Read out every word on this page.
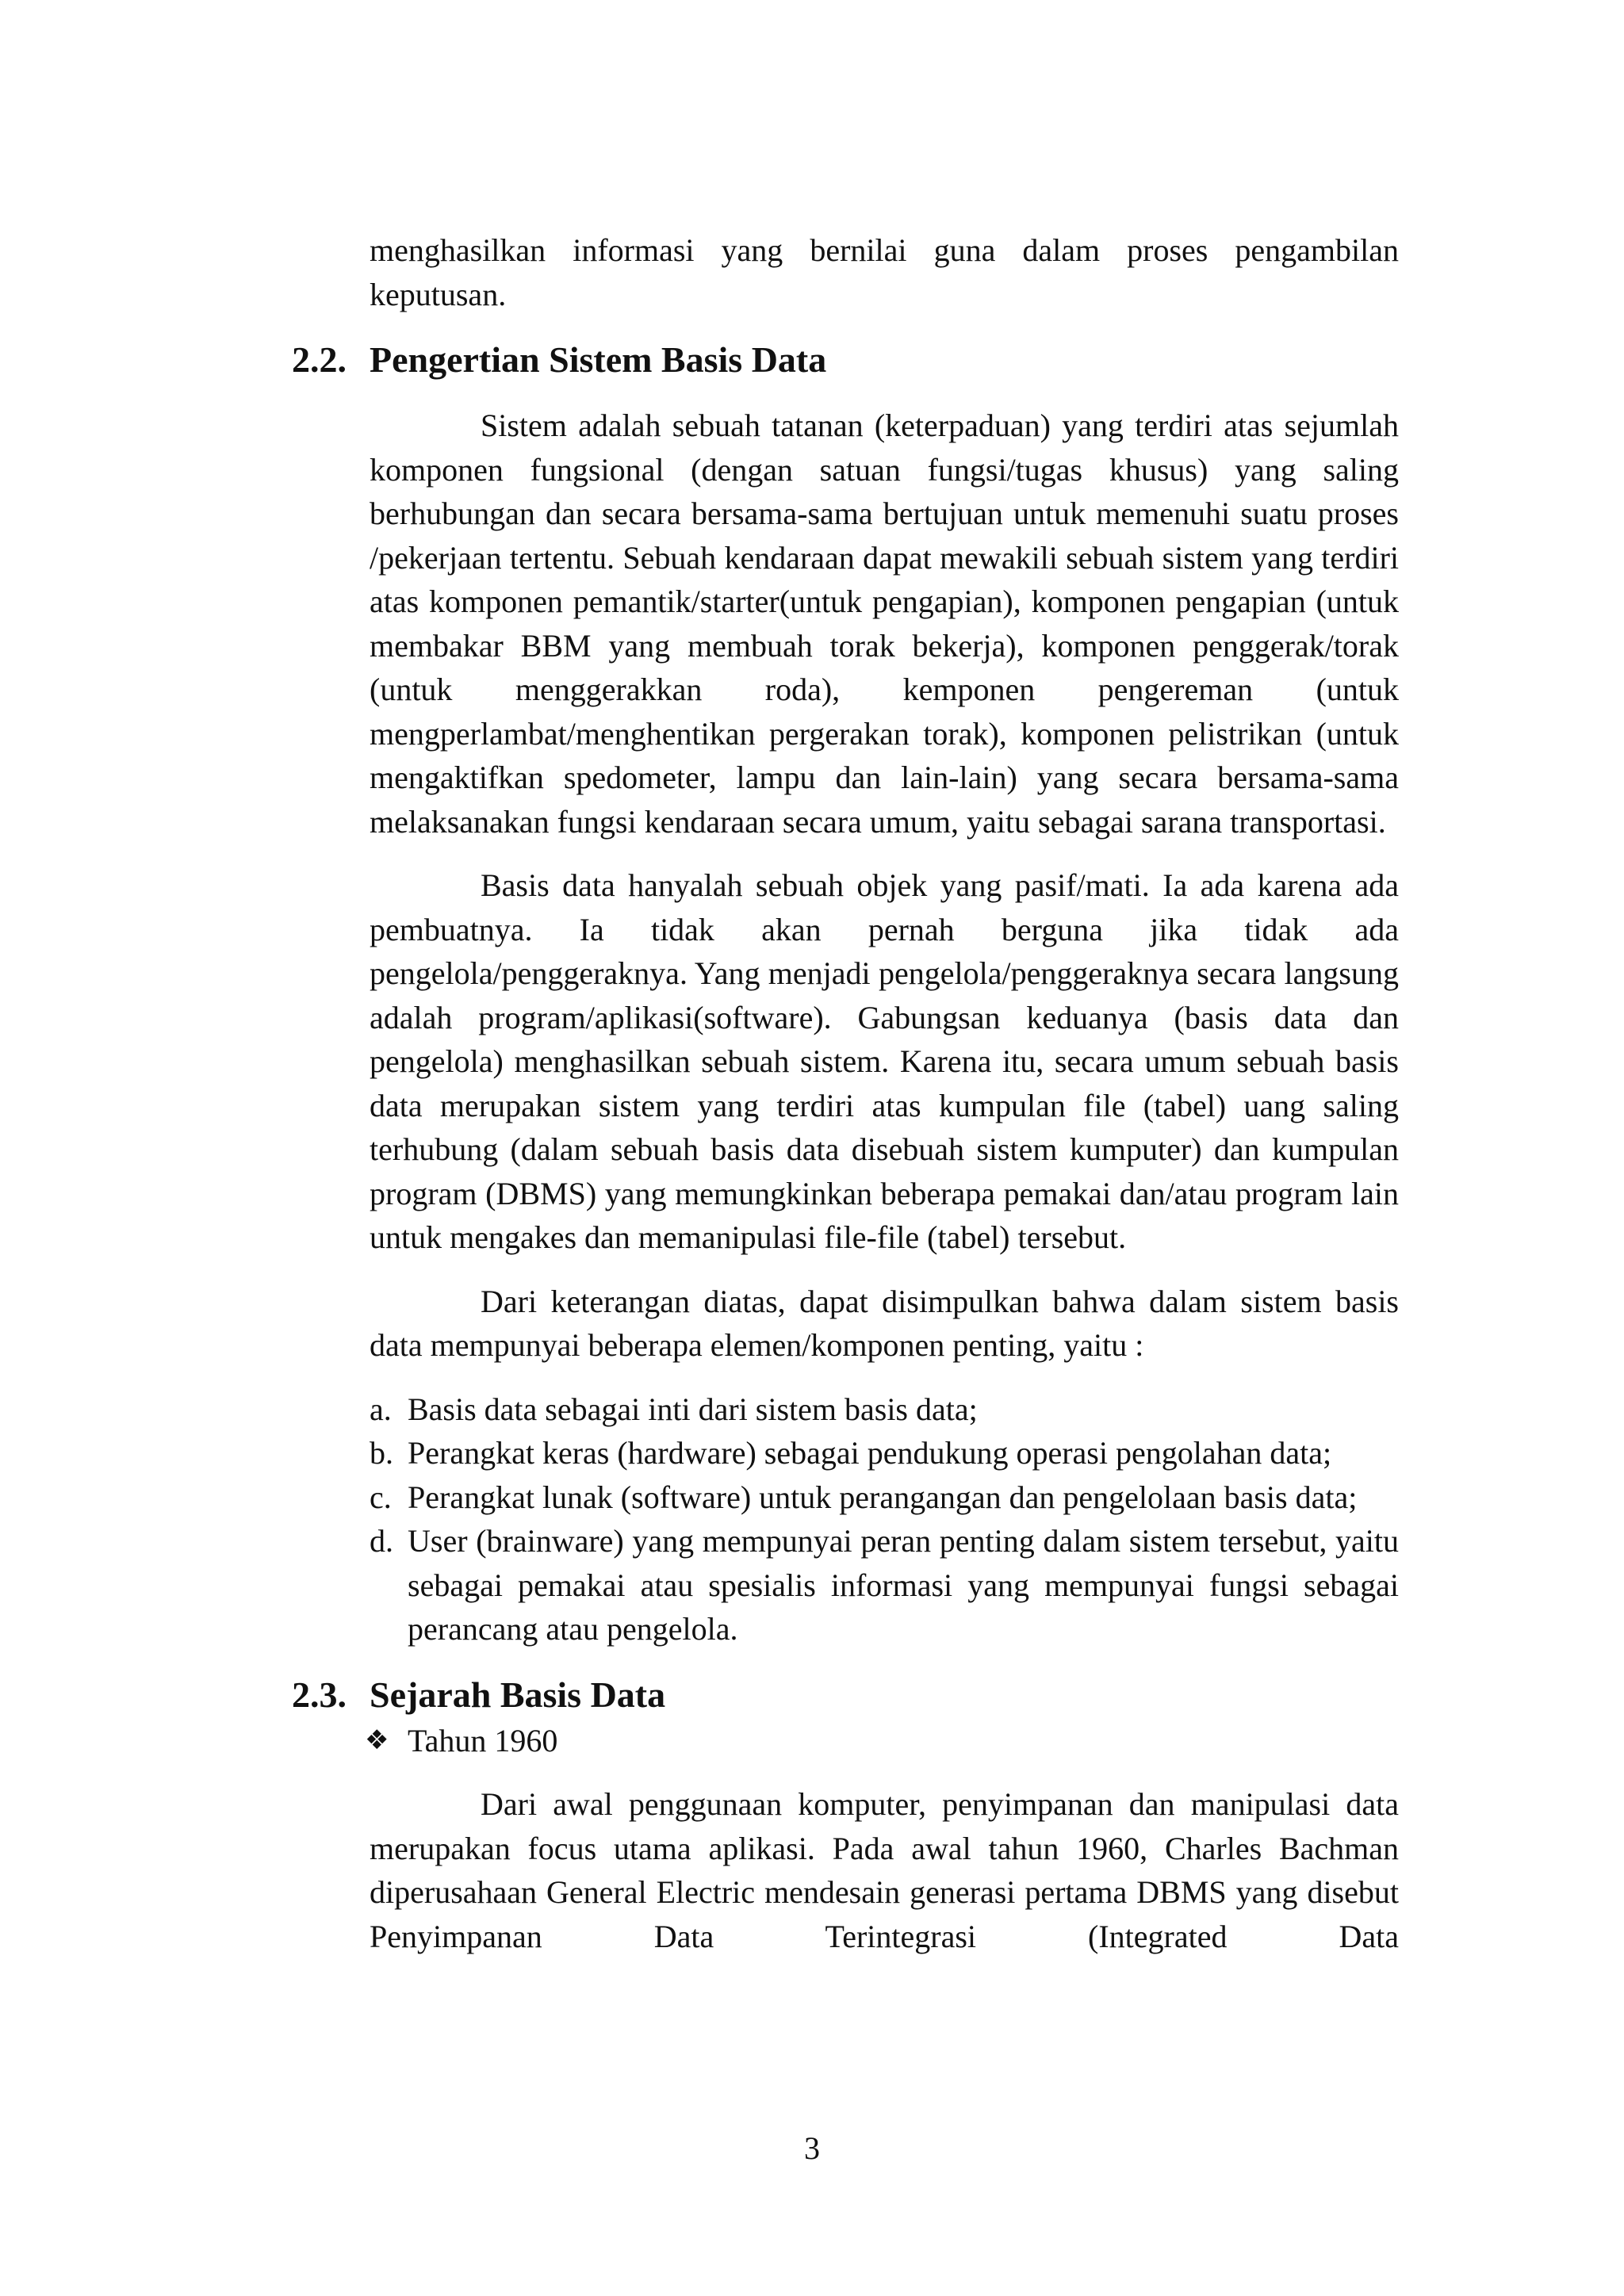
menghasilkan informasi yang bernilai guna dalam proses pengambilan keputusan.

2.2. Pengertian Sistem Basis Data

Sistem adalah sebuah tatanan (keterpaduan) yang terdiri atas sejumlah komponen fungsional (dengan satuan fungsi/tugas khusus) yang saling berhubungan dan secara bersama-sama bertujuan untuk memenuhi suatu proses /pekerjaan tertentu. Sebuah kendaraan dapat mewakili sebuah sistem yang terdiri atas komponen pemantik/starter(untuk pengapian), komponen pengapian (untuk membakar BBM yang membuah torak bekerja), komponen penggerak/torak (untuk menggerakkan roda), kemponen pengereman (untuk mengperlambat/menghentikan pergerakan torak), komponen pelistrikan (untuk mengaktifkan spedometer, lampu dan lain-lain) yang secara bersama-sama melaksanakan fungsi kendaraan secara umum, yaitu sebagai sarana transportasi.

Basis data hanyalah sebuah objek yang pasif/mati. Ia ada karena ada pembuatnya. Ia tidak akan pernah berguna jika tidak ada pengelola/penggeraknya. Yang menjadi pengelola/penggeraknya secara langsung adalah program/aplikasi(software). Gabungsan keduanya (basis data dan pengelola) menghasilkan sebuah sistem. Karena itu, secara umum sebuah basis data merupakan sistem yang terdiri atas kumpulan file (tabel) uang saling terhubung (dalam sebuah basis data disebuah sistem kumputer) dan kumpulan program (DBMS) yang memungkinkan beberapa pemakai dan/atau program lain untuk mengakes dan memanipulasi file-file (tabel) tersebut.

Dari keterangan diatas, dapat disimpulkan bahwa dalam sistem basis data mempunyai beberapa elemen/komponen penting, yaitu :

a. Basis data sebagai inti dari sistem basis data;
b. Perangkat keras (hardware) sebagai pendukung operasi pengolahan data;
c. Perangkat lunak (software) untuk perangangan dan pengelolaan basis data;
d. User (brainware) yang mempunyai peran penting dalam sistem tersebut, yaitu sebagai pemakai atau spesialis informasi yang mempunyai fungsi sebagai perancang atau pengelola.
2.3. Sejarah Basis Data
❖ Tahun 1960

Dari awal penggunaan komputer, penyimpanan dan manipulasi data merupakan focus utama aplikasi. Pada awal tahun 1960, Charles Bachman diperusahaan General Electric mendesain generasi pertama DBMS yang disebut Penyimpanan Data Terintegrasi (Integrated Data

3
